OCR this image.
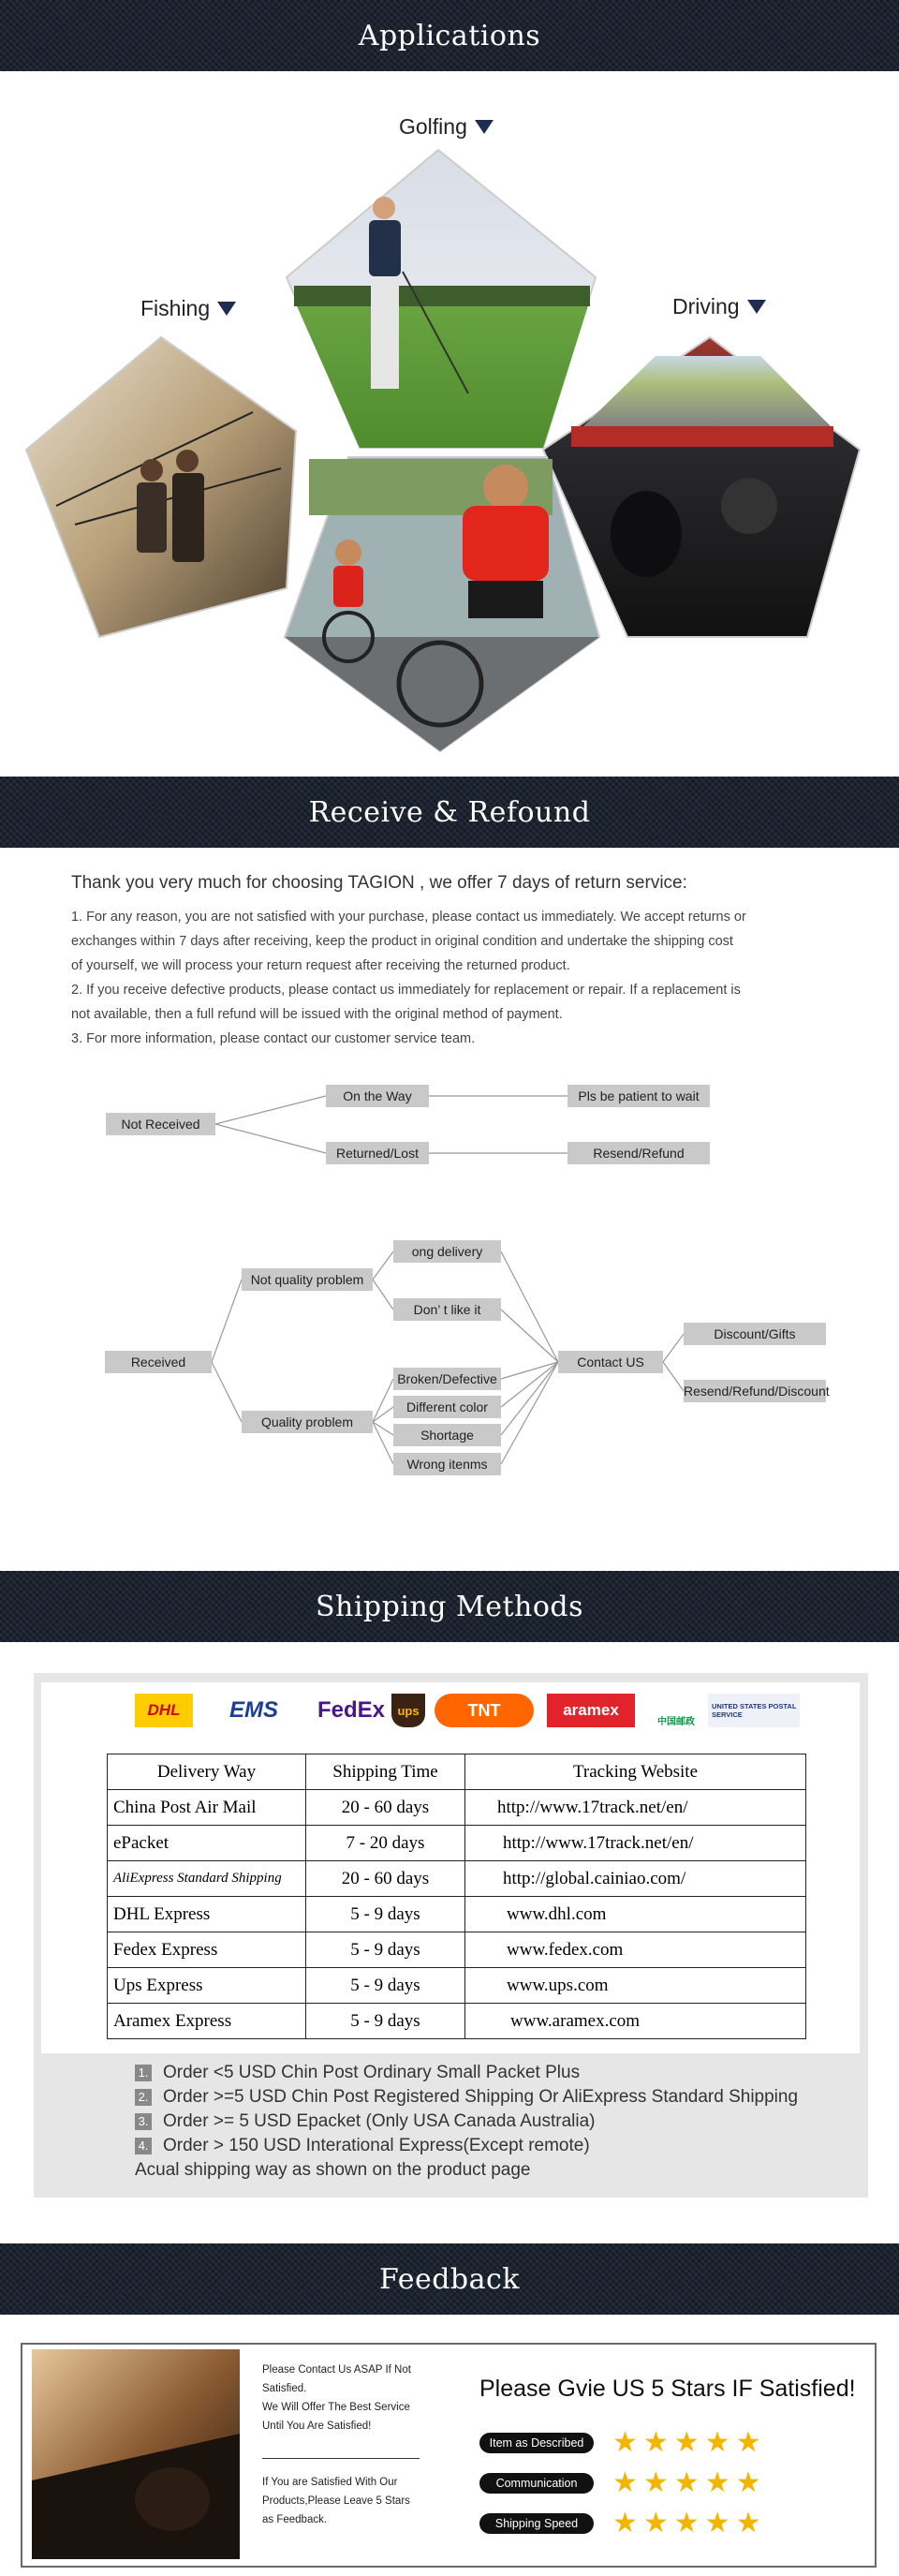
Applications
Golfing
Fishing	Driving
Receive & Refound
Thank you very much for choosing TAGION , we offer 7 days of return service:
1. For any reason, you are not satisfied with your purchase, please contact us immediately. We accept returns or
exchanges within 7 days after receiving, keep the product in original condition and undertake the shipping cost
of yourself, we will process your return request after receiving the returned product.
2. If you receive defective products, please contact us immediately for replacement or repair. If a replacement is
not available, then a full refund will be issued with the original method of payment.
3. For more information, please contact our customer service team.
Not Received
On the Way
Returned/Lost
Pls be patient to wait
Resend/Refund
Received
Not quality problem
Quality problem
ong delivery
Don’ t like it
Broken/Defective
Different color
Shortage
Wrong itenms
Contact US
Discount/Gifts
Resend/Refund/Discount
Shipping Methods
DHL	EMS	FedEx	ups	TNT	aramex
中国邮政
UNITED STATES POSTAL SERVICE
Delivery Way	Shipping Time	Tracking Website
China Post Air Mail	20 - 60 days	http://www.17track.net/en/
ePacket	7 - 20 days	http://www.17track.net/en/
AliExpress Standard Shipping	20 - 60 days	http://global.cainiao.com/
DHL Express	5 - 9 days	www.dhl.com
Fedex Express	5 - 9 days	www.fedex.com
Ups Express	5 - 9 days	www.ups.com
Aramex Express	5 - 9 days	www.aramex.com
1. Order <5 USD Chin Post Ordinary Small Packet Plus
2. Order >=5 USD Chin Post Registered Shipping Or AliExpress Standard Shipping
3. Order >= 5 USD Epacket (Only USA Canada Australia)
4. Order > 150 USD Interational Express(Except remote)
Acual shipping way as shown on the product page
Feedback
Please Contact Us ASAP If Not
Satisfied.
We Will Offer The Best Service
Until You Are Satisfied!
If You are Satisfied With Our
Products,Please Leave 5 Stars
as Feedback.
Please Gvie US 5 Stars IF Satisfied!
Item as Described	★★★★★
Communication	★★★★★
Shipping Speed	★★★★★
